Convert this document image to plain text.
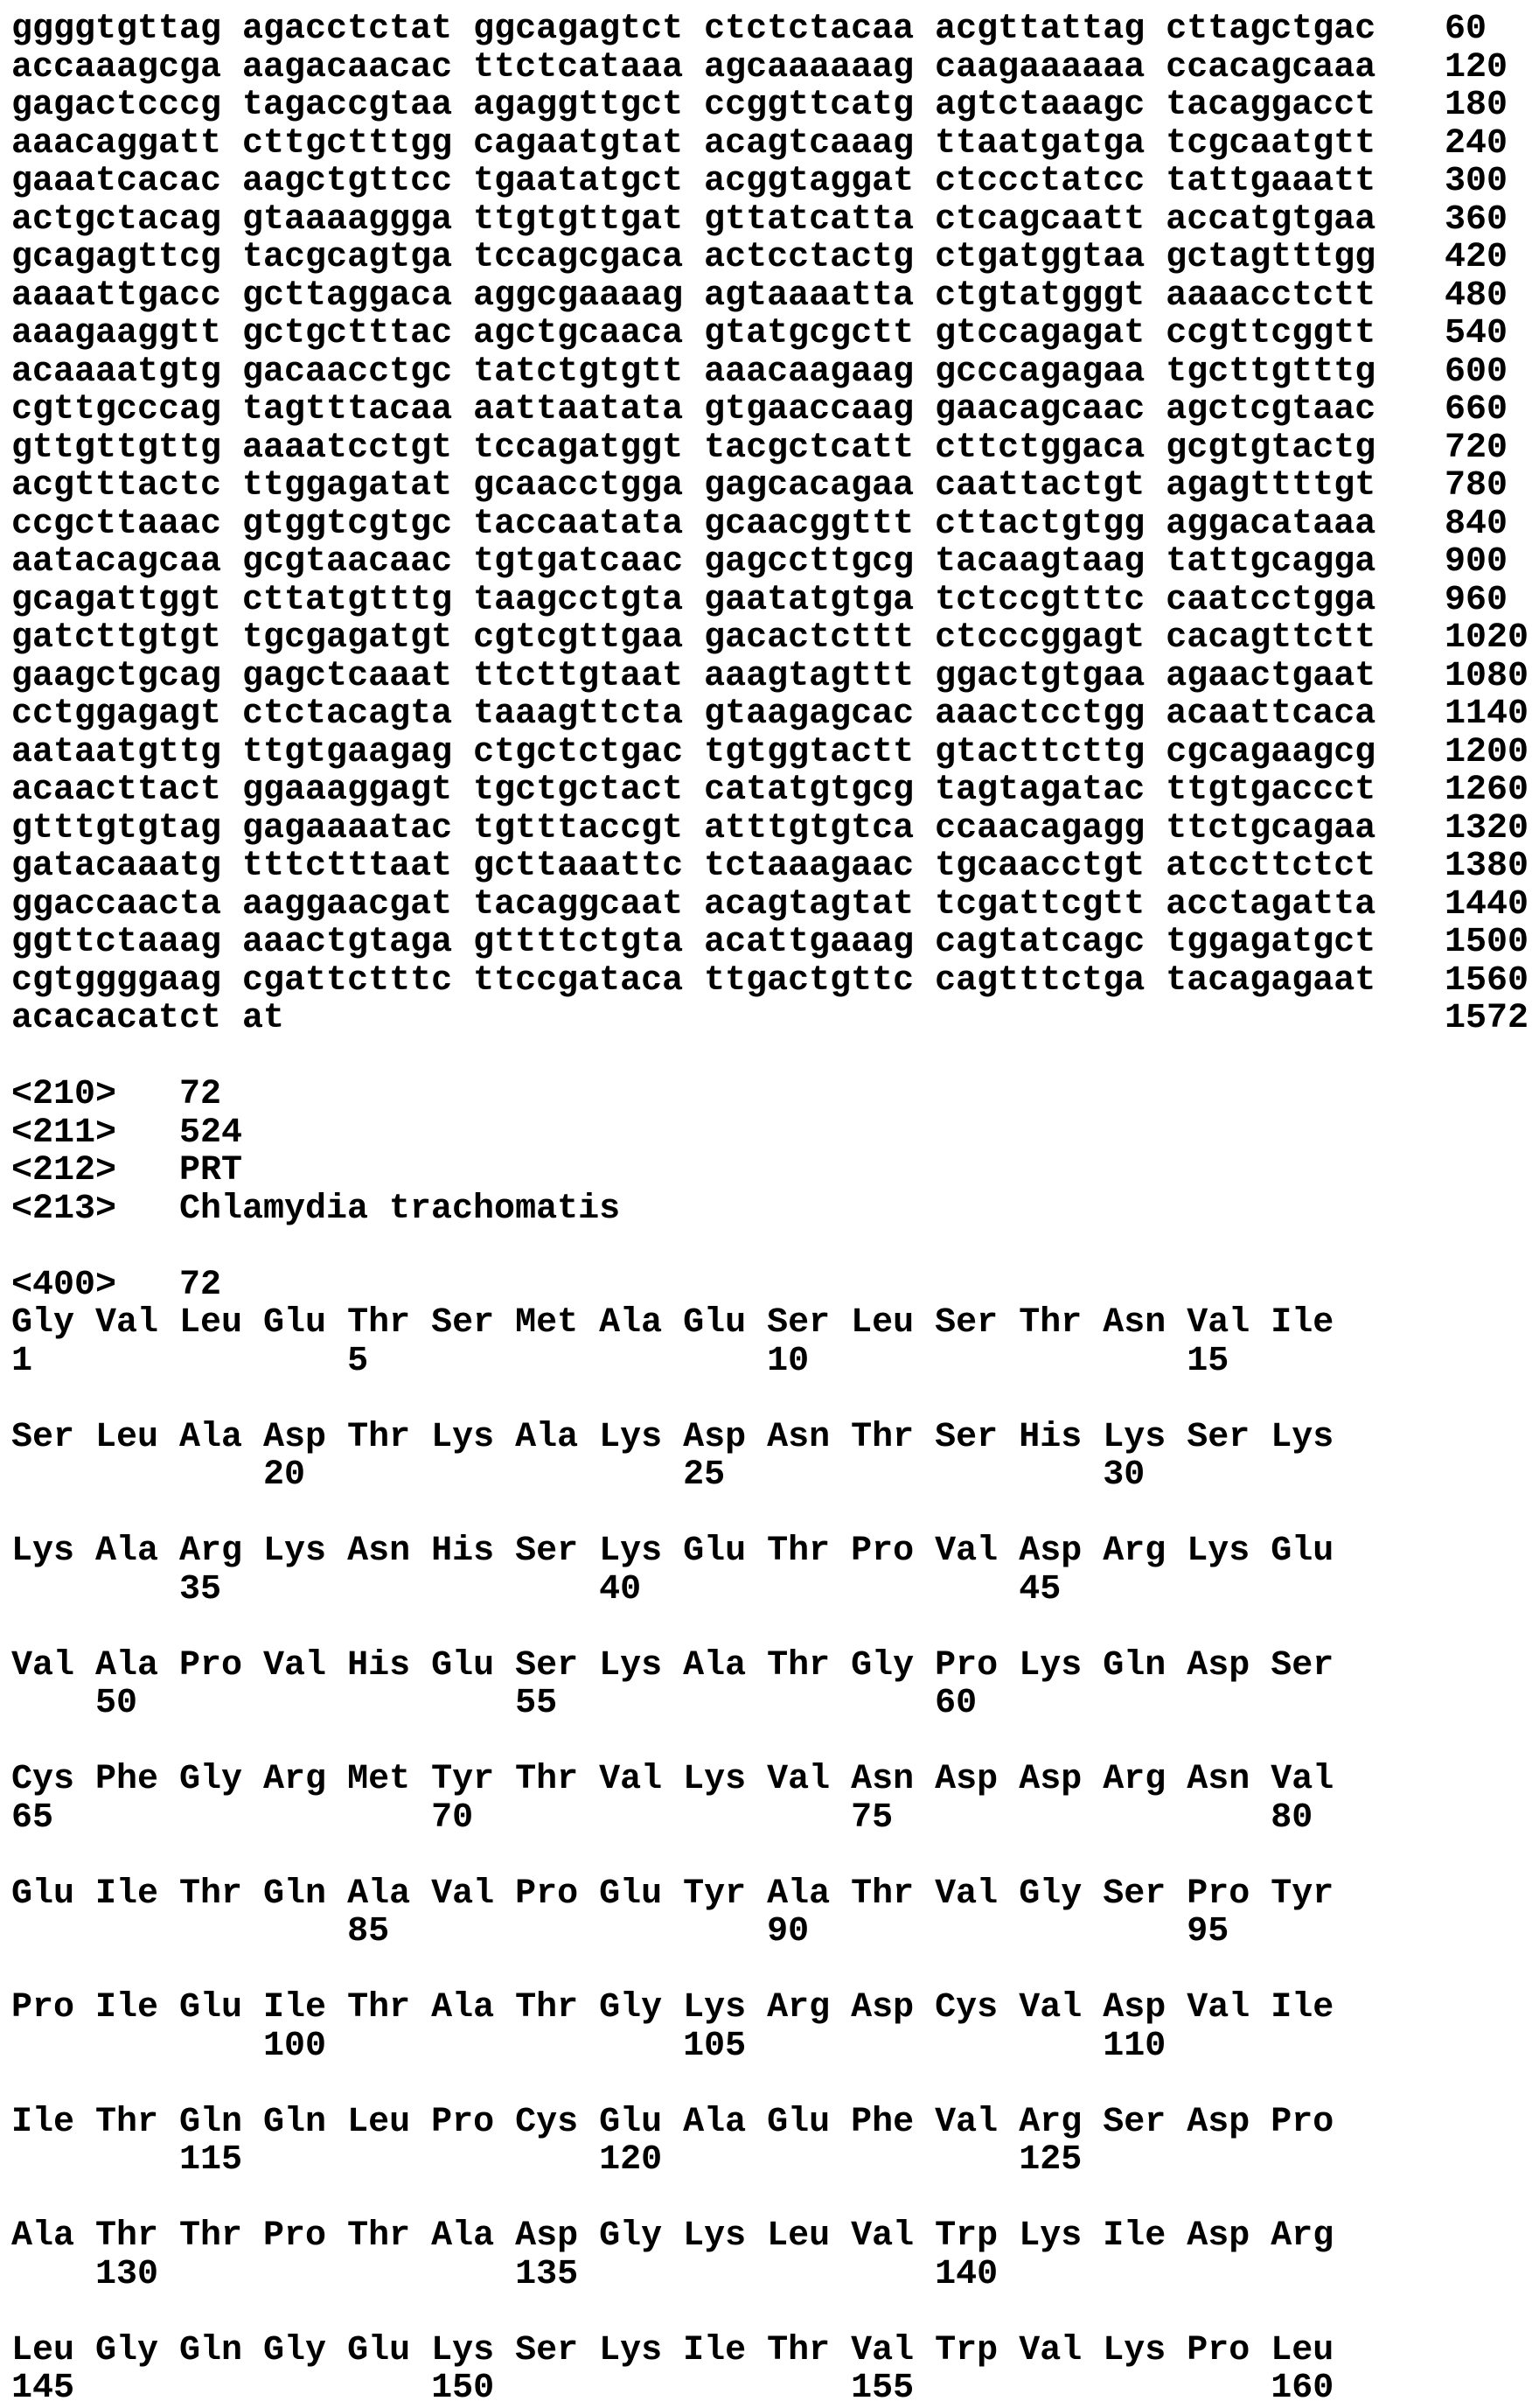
ggggtgttag agacctctat ggcagagtct ctctctacaa acgttattag cttagctgac 60
accaaagcga aagacaacac ttctcataaa agcaaaaaag caagaaaaaa ccacagcaaa 120
gagactcccg tagaccgtaa agaggttgct ccggttcatg agtctaaagc tacaggacct 180
aaacaggatt cttgctttgg cagaatgtat acagtcaaag ttaatgatga tcgcaatgtt 240
gaaatcacac aagctgttcc tgaatatgct acggtaggat ctccctatcc tattgaaatt 300
actgctacag gtaaaaggga ttgtgttgat gttatcatta ctcagcaatt accatgtgaa 360
gcagagttcg tacgcagtga tccagcgaca actcctactg ctgatggtaa gctagtttgg 420
aaaattgacc gcttaggaca aggcgaaaag agtaaaatta ctgtatgggt aaaacctctt 480
aaagaaggtt gctgctttac agctgcaaca gtatgcgctt gtccagagat ccgttcggtt 540
acaaaatgtg gacaacctgc tatctgtgtt aaacaagaag gcccagagaa tgcttgtttg 600
cgttgcccag tagtttacaa aattaatata gtgaaccaag gaacagcaac agctcgtaac 660
gttgttgttg aaaatcctgt tccagatggt tacgctcatt cttctggaca gcgtgtactg 720
acgtttactc ttggagatat gcaacctgga gagcacagaa caattactgt agagttttgt 780
ccgcttaaac gtggtcgtgc taccaatata gcaacggttt cttactgtgg aggacataaa 840
aatacagcaa gcgtaacaac tgtgatcaac gagccttgcg tacaagtaag tattgcagga 900
gcagattggt cttatgtttg taagcctgta gaatatgtga tctccgtttc caatcctgga 960
gatcttgtgt tgcgagatgt cgtcgttgaa gacactcttt ctcccggagt cacagttctt 1020
gaagctgcag gagctcaaat ttcttgtaat aaagtagttt ggactgtgaa agaactgaat 1080
cctggagagt ctctacagta taaagttcta gtaagagcac aaactcctgg acaattcaca 1140
aataatgttg ttgtgaagag ctgctctgac tgtggtactt gtacttcttg cgcagaagcg 1200
acaacttact ggaaaggagt tgctgctact catatgtgcg tagtagatac ttgtgaccct 1260
gtttgtgtag gagaaaatac tgtttaccgt atttgtgtca ccaacagagg ttctgcagaa 1320
gatacaaatg tttctttaat gcttaaattc tctaaagaac tgcaacctgt atccttctct 1380
ggaccaacta aaggaacgat tacaggcaat acagtagtat tcgattcgtt acctagatta 1440
ggttctaaag aaactgtaga gttttctgta acattgaaag cagtatcagc tggagatgct 1500
cgtggggaag cgattctttc ttccgataca ttgactgttc cagtttctga tacagagaat 1560
acacacatct at	1572
<210> 72
<211> 524
<212> PRT
<213> Chlamydia trachomatis
<400> 72
Gly Val Leu Glu Thr Ser Met Ala Glu Ser Leu Ser Thr Asn Val Ile
1               5                   10                  15
Ser Leu Ala Asp Thr Lys Ala Lys Asp Asn Thr Ser His Lys Ser Lys
20                  25                  30
Lys Ala Arg Lys Asn His Ser Lys Glu Thr Pro Val Asp Arg Lys Glu
35                  40                  45
Val Ala Pro Val His Glu Ser Lys Ala Thr Gly Pro Lys Gln Asp Ser
50                  55                  60
Cys Phe Gly Arg Met Tyr Thr Val Lys Val Asn Asp Asp Arg Asn Val
65                  70                  75                  80
Glu Ile Thr Gln Ala Val Pro Glu Tyr Ala Thr Val Gly Ser Pro Tyr
85                  90                  95
Pro Ile Glu Ile Thr Ala Thr Gly Lys Arg Asp Cys Val Asp Val Ile
100                 105                 110
Ile Thr Gln Gln Leu Pro Cys Glu Ala Glu Phe Val Arg Ser Asp Pro
115                 120                 125
Ala Thr Thr Pro Thr Ala Asp Gly Lys Leu Val Trp Lys Ile Asp Arg
130                 135                 140
Leu Gly Gln Gly Glu Lys Ser Lys Ile Thr Val Trp Val Lys Pro Leu
145                 150                 155                 160
